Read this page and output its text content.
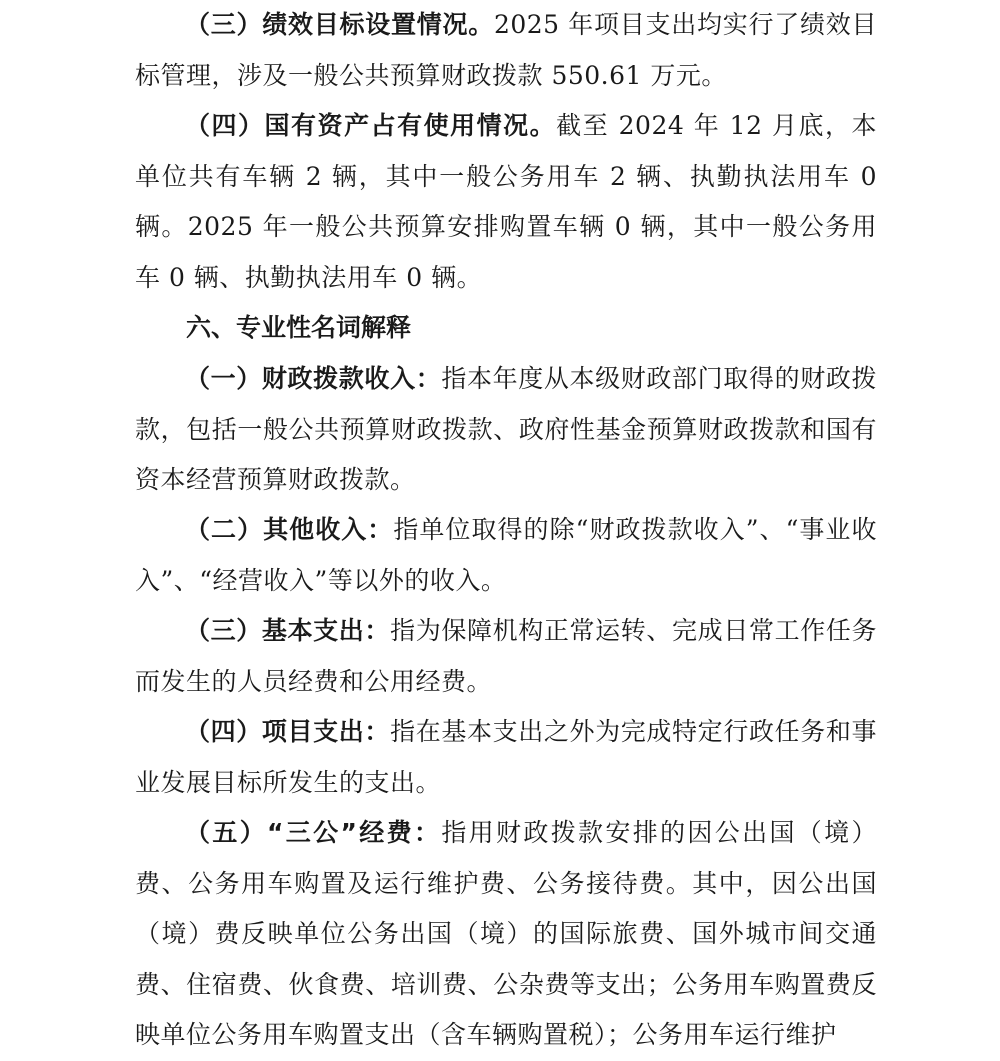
（三）绩效目标设置情况。2025 年项目支出均实行了绩效目标管理，涉及一般公共预算财政拨款 550.61 万元。

（四）国有资产占有使用情况。截至 2024 年 12 月底，本单位共有车辆 2 辆，其中一般公务用车 2 辆、执勤执法用车 0 辆。2025 年一般公共预算安排购置车辆 0 辆，其中一般公务用车 0 辆、执勤执法用车 0 辆。

六、专业性名词解释

（一）财政拨款收入：指本年度从本级财政部门取得的财政拨款，包括一般公共预算财政拨款、政府性基金预算财政拨款和国有资本经营预算财政拨款。

（二）其他收入：指单位取得的除“财政拨款收入”、“事业收入”、“经营收入”等以外的收入。

（三）基本支出：指为保障机构正常运转、完成日常工作任务而发生的人员经费和公用经费。

（四）项目支出：指在基本支出之外为完成特定行政任务和事业发展目标所发生的支出。

（五）“三公”经费：指用财政拨款安排的因公出国（境）费、公务用车购置及运行维护费、公务接待费。其中，因公出国（境）费反映单位公务出国（境）的国际旅费、国外城市间交通费、住宿费、伙食费、培训费、公杂费等支出；公务用车购置费反映单位公务用车购置支出（含车辆购置税）；公务用车运行维护
